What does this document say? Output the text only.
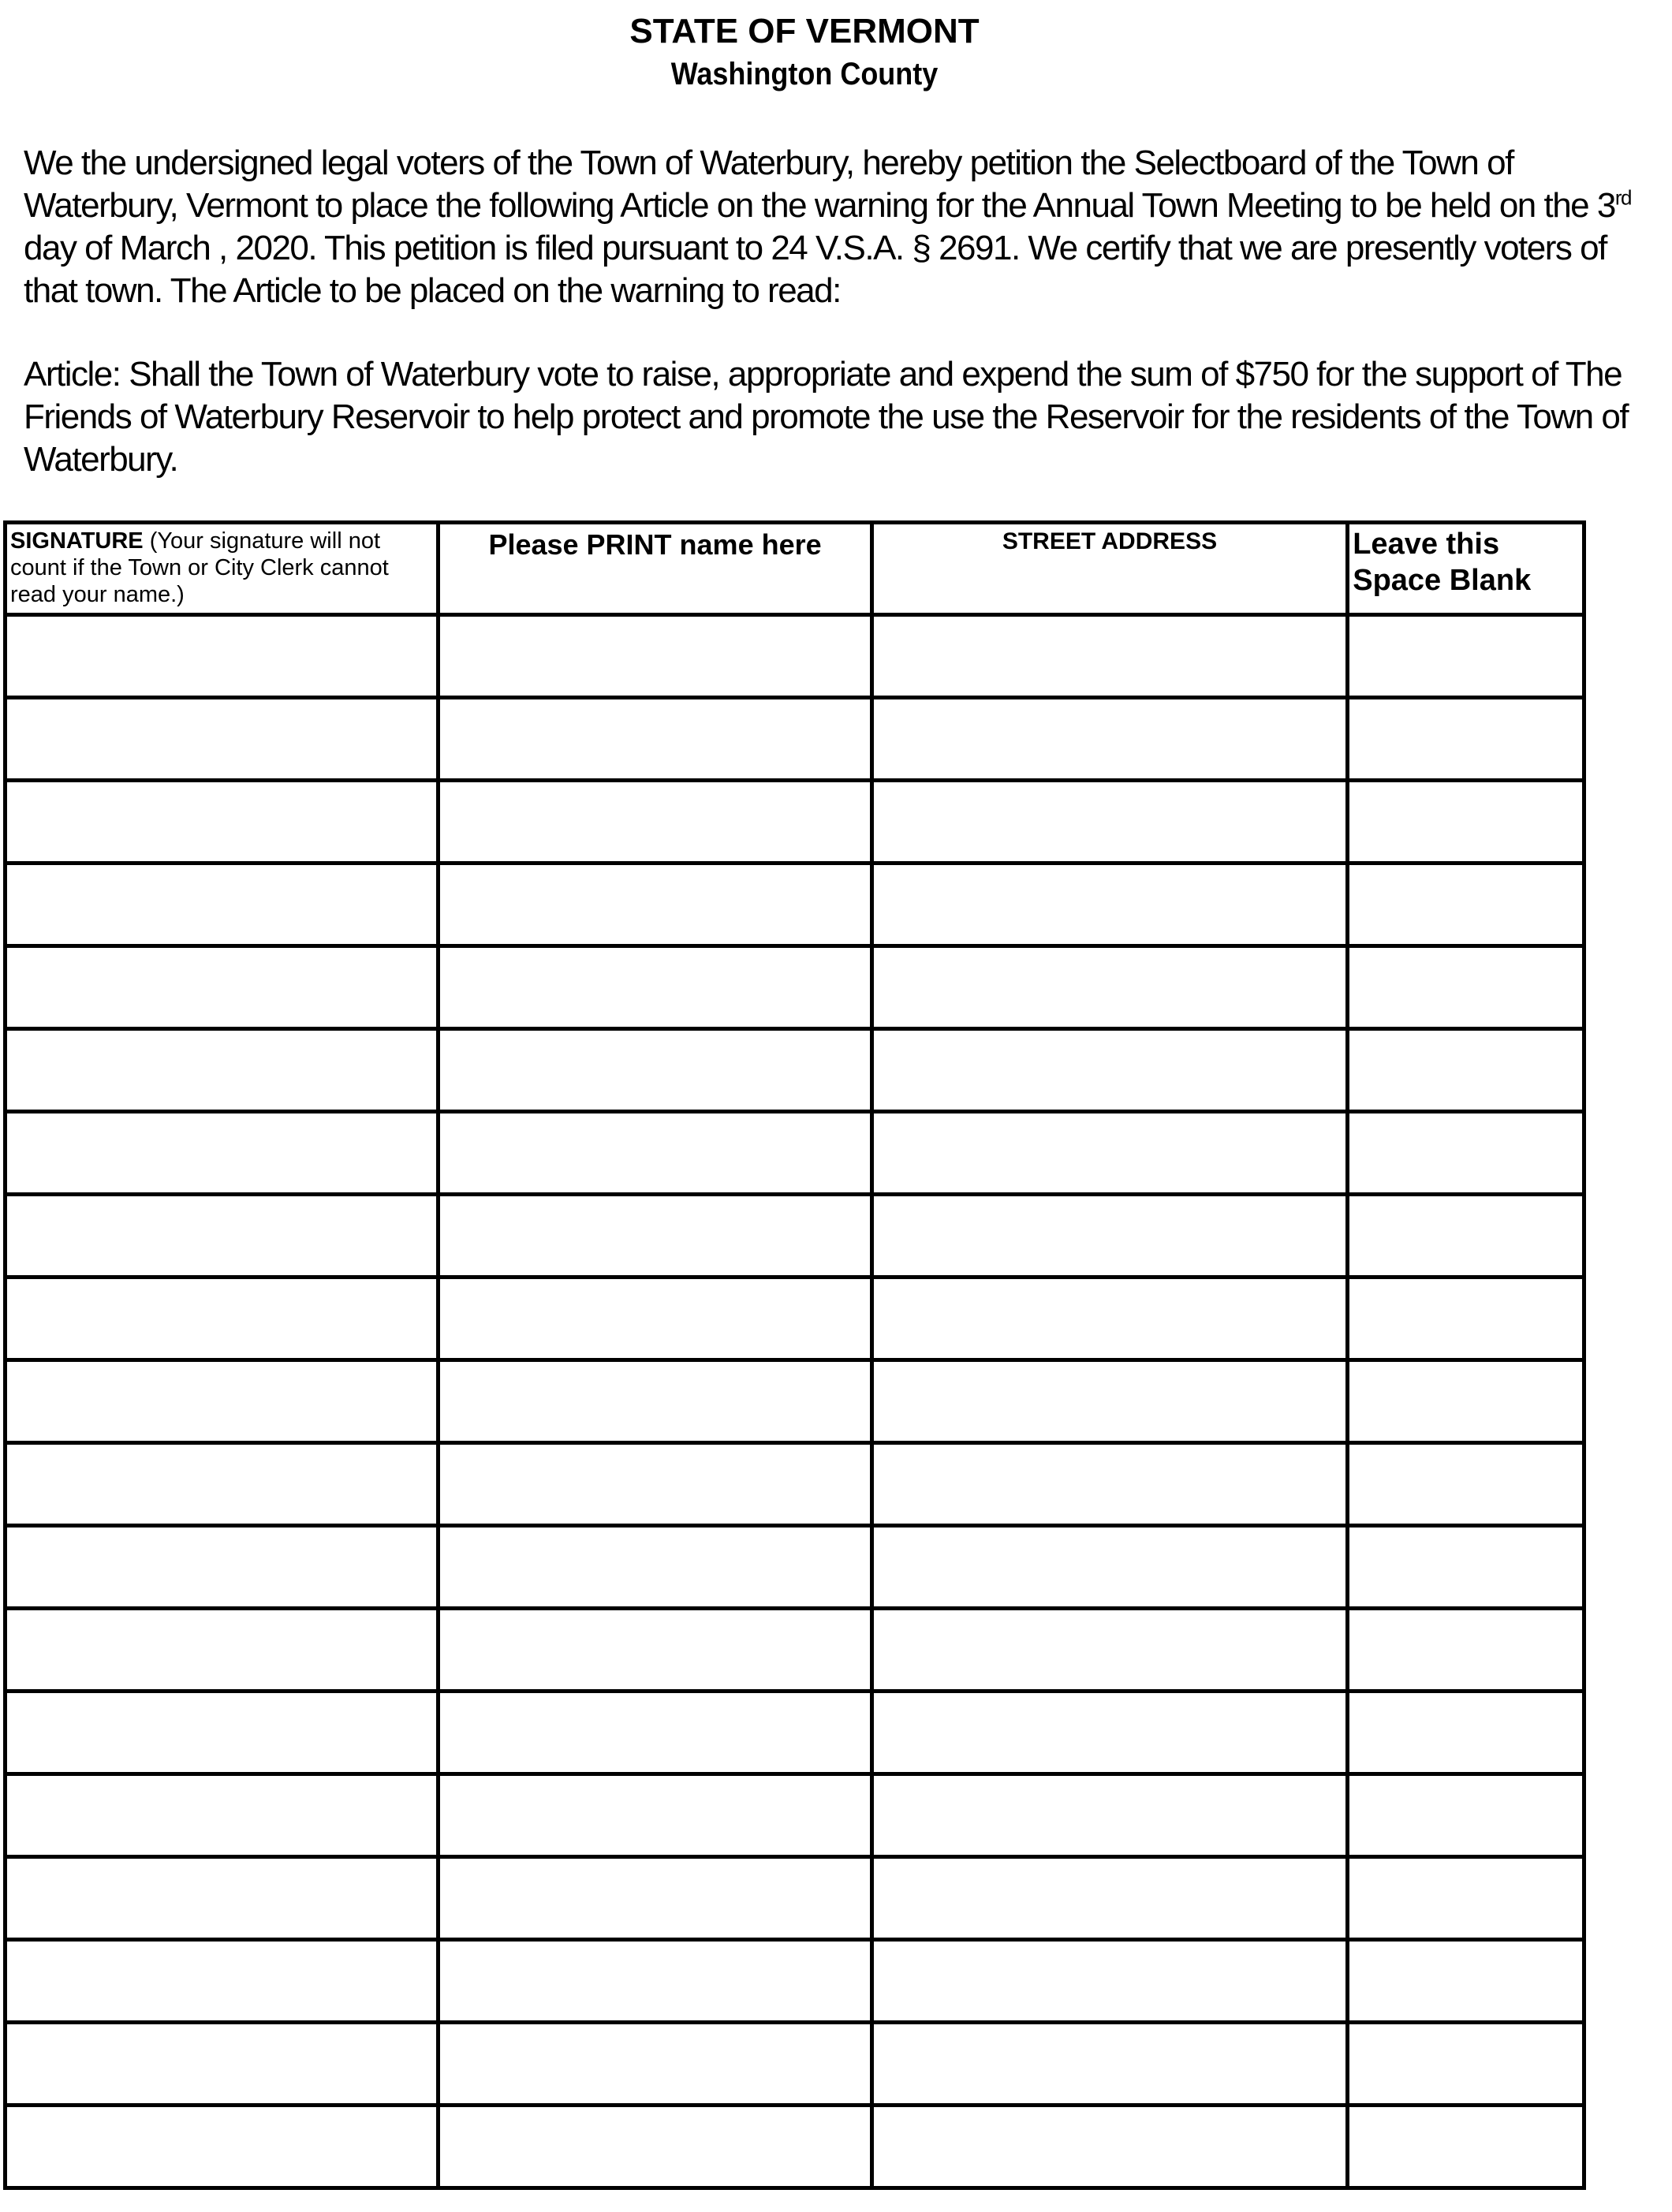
STATE OF VERMONT
Washington County

We the undersigned legal voters of the Town of Waterbury, hereby petition the Selectboard of the Town of Waterbury, Vermont to place the following Article on the warning for the Annual Town Meeting to be held on the 3rd day of March , 2020. This petition is filed pursuant to 24 V.S.A. § 2691. We certify that we are presently voters of that town. The Article to be placed on the warning to read:

Article: Shall the Town of Waterbury vote to raise, appropriate and expend the sum of $750 for the support of The Friends of Waterbury Reservoir to help protect and promote the use the Reservoir for the residents of the Town of Waterbury.

SIGNATURE (Your signature will not count if the Town or City Clerk cannot read your name.)	Please PRINT name here	STREET ADDRESS	Leave this Space Blank
